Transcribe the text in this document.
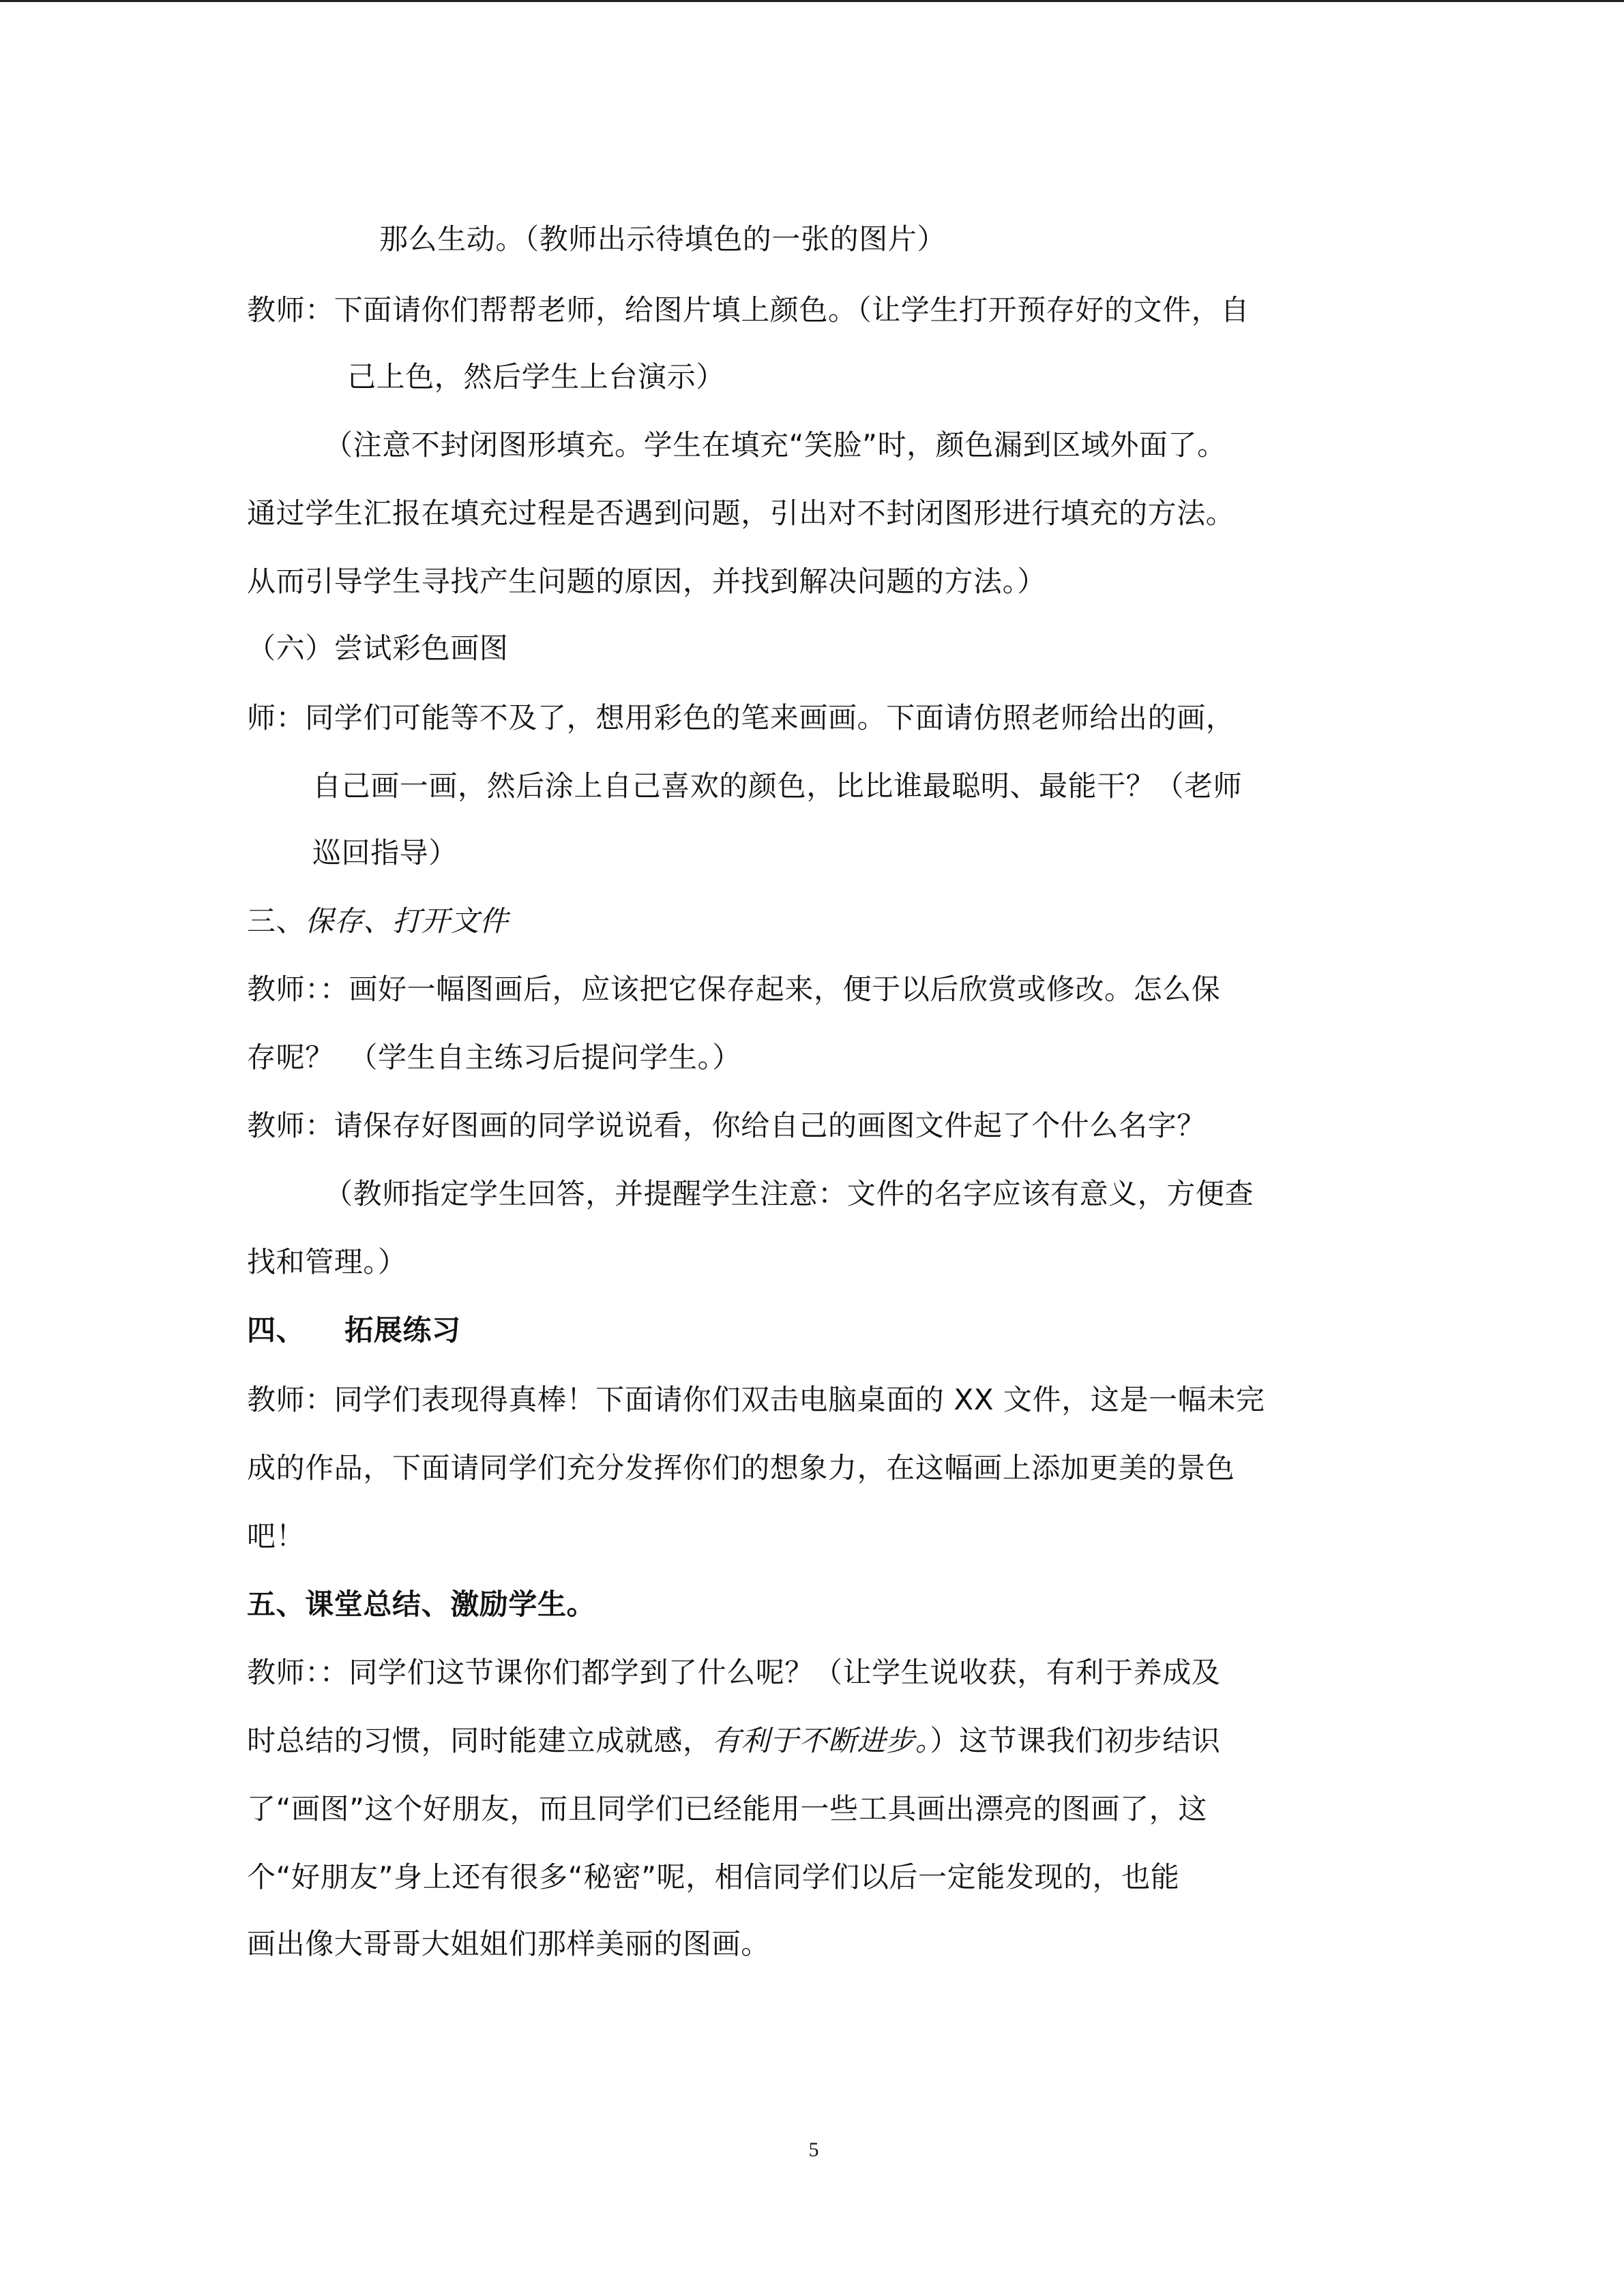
那么生动。（教师出示待填色的一张的图片）
教师：下面请你们帮帮老师，给图片填上颜色。（让学生打开预存好的文件，自
己上色，然后学生上台演示）
（注意不封闭图形填充。学生在填充“笑脸”时，颜色漏到区域外面了。
通过学生汇报在填充过程是否遇到问题，引出对不封闭图形进行填充的方法。
从而引导学生寻找产生问题的原因，并找到解决问题的方法。）
（六）尝试彩色画图
师：同学们可能等不及了，想用彩色的笔来画画。下面请仿照老师给出的画，
自己画一画，然后涂上自己喜欢的颜色，比比谁最聪明、最能干？（老师
巡回指导）
三、保存、打开文件
教师：：画好一幅图画后，应该把它保存起来，便于以后欣赏或修改。怎么保
存呢？　（学生自主练习后提问学生。）
教师：请保存好图画的同学说说看，你给自己的画图文件起了个什么名字？
（教师指定学生回答，并提醒学生注意：文件的名字应该有意义，方便查
找和管理。）
四、 拓展练习
教师：同学们表现得真棒！下面请你们双击电脑桌面的 XX 文件，这是一幅未完
成的作品，下面请同学们充分发挥你们的想象力，在这幅画上添加更美的景色
吧！
五、课堂总结、激励学生。
教师：：同学们这节课你们都学到了什么呢？（让学生说收获，有利于养成及
时总结的习惯，同时能建立成就感，有利于不断进步。）这节课我们初步结识
了“画图”这个好朋友，而且同学们已经能用一些工具画出漂亮的图画了，这
个“好朋友”身上还有很多“秘密”呢，相信同学们以后一定能发现的，也能
画出像大哥哥大姐姐们那样美丽的图画。
5
